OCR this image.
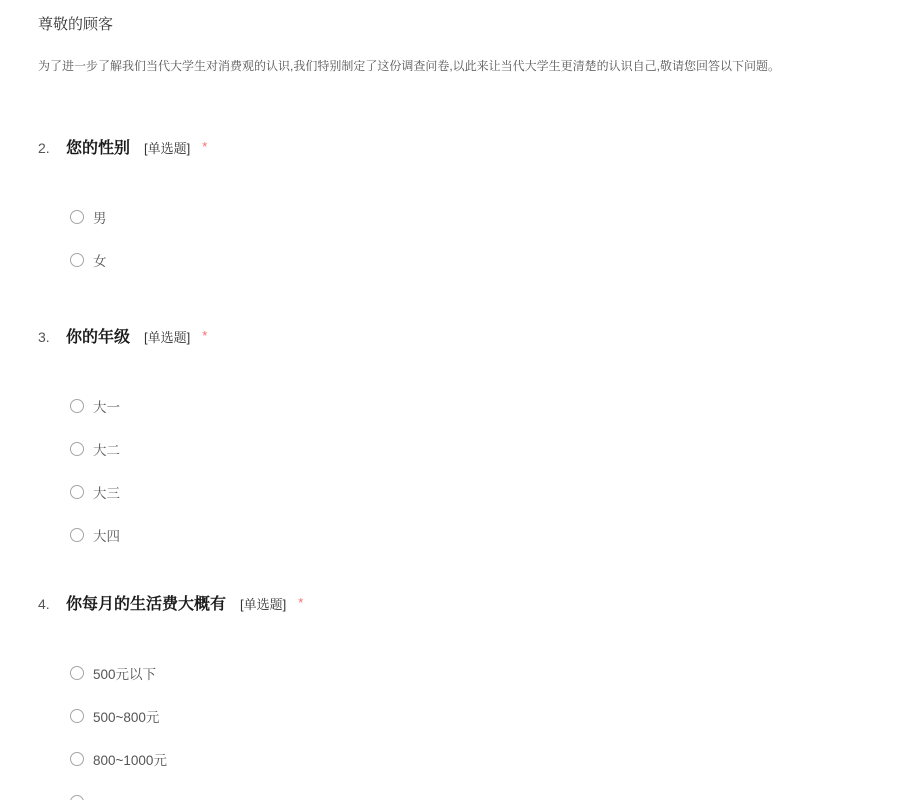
尊敬的顾客

为了进一步了解我们当代大学生对消费观的认识,我们特别制定了这份调查问卷,以此来让当代大学生更清楚的认识自己,敬请您回答以下问题。

2.	您的性别 [单选题] *
男
女
3.	你的年级 [单选题] *
大一
大二
大三
大四
4.	你每月的生活费大概有 [单选题] *
500元以下
500~800元
800~1000元
